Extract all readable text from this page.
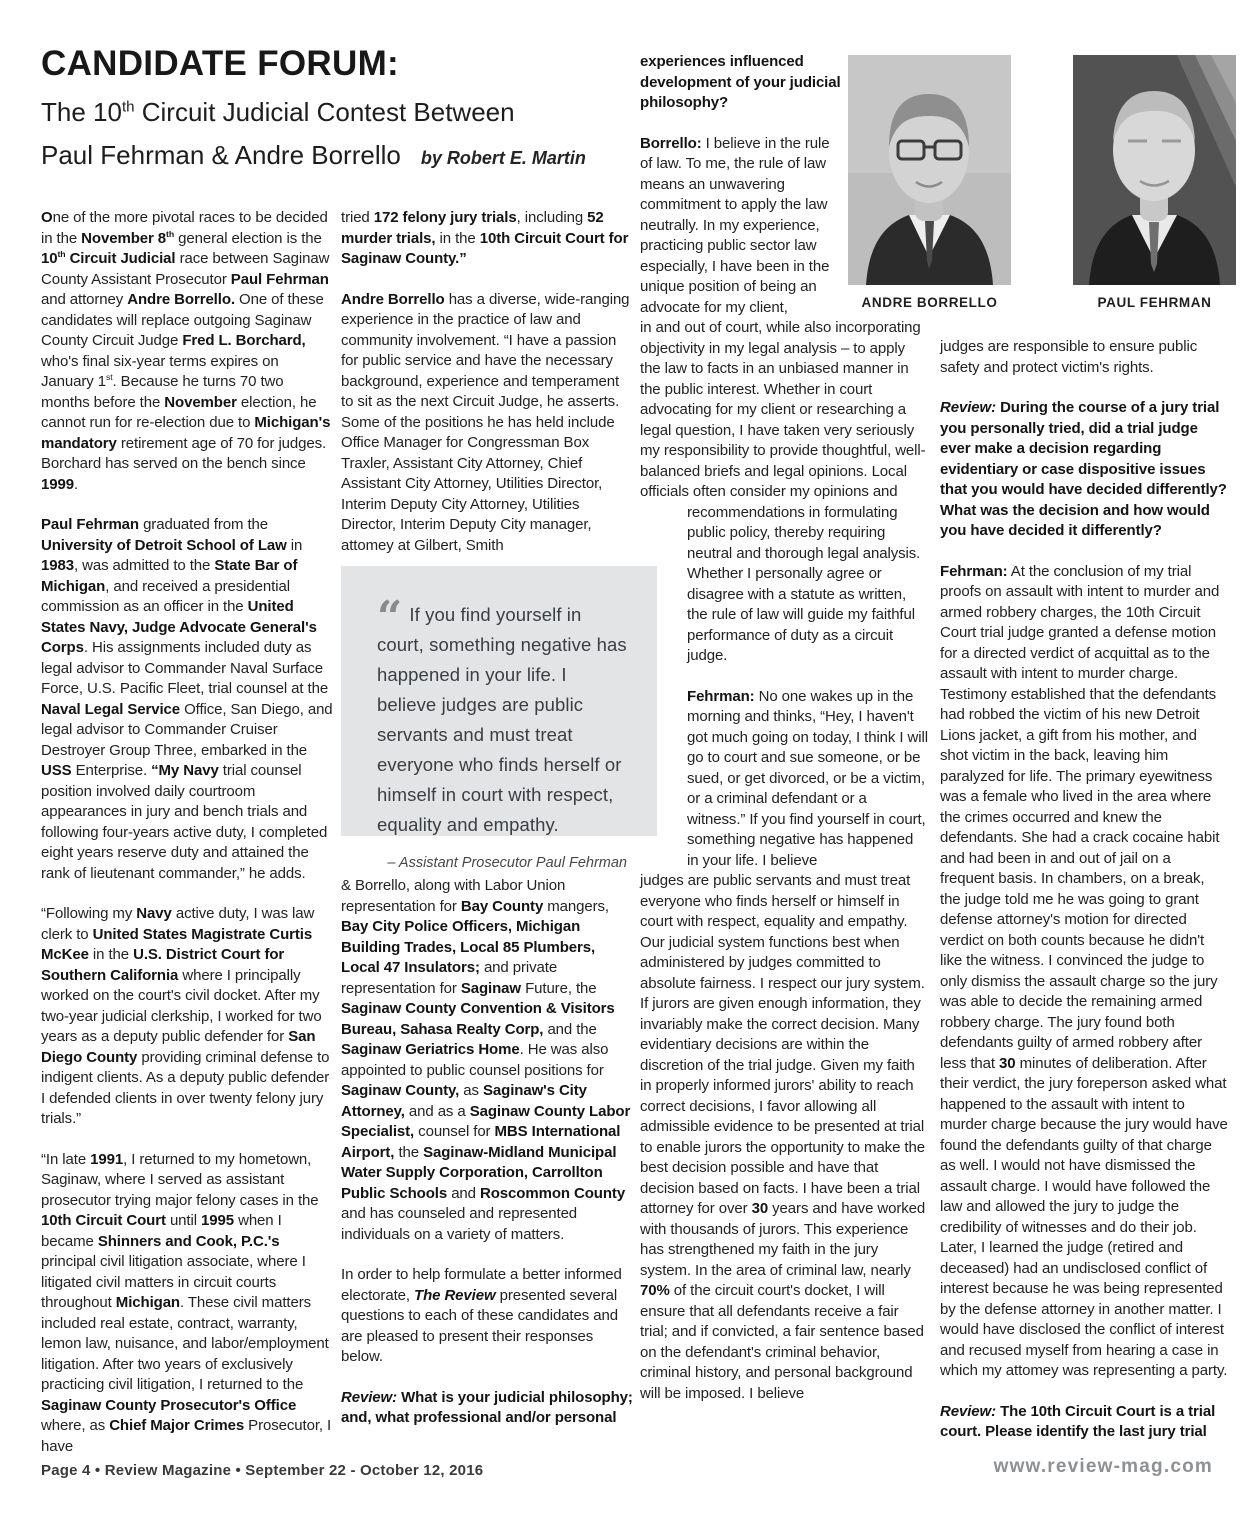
CANDIDATE FORUM:
The 10th Circuit Judicial Contest Between
Paul Fehrman & Andre Borrello by Robert E. Martin

One of the more pivotal races to be decided in the November 8th general election is the 10th Circuit Judicial race between Saginaw County Assistant Prosecutor Paul Fehrman and attorney Andre Borrello. One of these candidates will replace outgoing Saginaw County Circuit Judge Fred L. Borchard, who's final six-year terms expires on January 1st. Because he turns 70 two months before the November election, he cannot run for re-election due to Michigan's mandatory retirement age of 70 for judges. Borchard has served on the bench since 1999.

Paul Fehrman graduated from the University of Detroit School of Law in 1983, was admitted to the State Bar of Michigan, and received a presidential commission as an officer in the United States Navy, Judge Advocate General's Corps. His assignments included duty as legal advisor to Commander Naval Surface Force, U.S. Pacific Fleet, trial counsel at the Naval Legal Service Office, San Diego, and legal advisor to Commander Cruiser Destroyer Group Three, embarked in the USS Enterprise. “My Navy trial counsel position involved daily courtroom appearances in jury and bench trials and following four-years active duty, I completed eight years reserve duty and attained the rank of lieutenant commander,” he adds.

“Following my Navy active duty, I was law clerk to United States Magistrate Curtis McKee in the U.S. District Court for Southern California where I principally worked on the court's civil docket. After my two-year judicial clerkship, I worked for two years as a deputy public defender for San Diego County providing criminal defense to indigent clients. As a deputy public defender I defended clients in over twenty felony jury trials.”

“In late 1991, I returned to my hometown, Saginaw, where I served as assistant prosecutor trying major felony cases in the 10th Circuit Court until 1995 when I became Shinners and Cook, P.C.'s principal civil litigation associate, where I litigated civil matters in circuit courts throughout Michigan. These civil matters included real estate, contract, warranty, lemon law, nuisance, and labor/employment litigation. After two years of exclusively practicing civil litigation, I returned to the Saginaw County Prosecutor's Office where, as Chief Major Crimes Prosecutor, I have

tried 172 felony jury trials, including 52 murder trials, in the 10th Circuit Court for Saginaw County.”

Andre Borrello has a diverse, wide-ranging experience in the practice of law and community involvement. “I have a passion for public service and have the necessary background, experience and temperament to sit as the next Circuit Judge, he asserts. Some of the positions he has held include Office Manager for Congressman Box Traxler, Assistant City Attorney, Chief Assistant City Attorney, Utilities Director, Interim Deputy City Attorney, Utilities Director, Interim Deputy City manager, attomey at Gilbert, Smith

“ If you find yourself in court, something negative has happened in your life. I believe judges are public servants and must treat everyone who finds herself or himself in court with respect, equality and empathy.
– Assistant Prosecutor Paul Fehrman

& Borrello, along with Labor Union representation for Bay County mangers, Bay City Police Officers, Michigan Building Trades, Local 85 Plumbers, Local 47 Insulators; and private representation for Saginaw Future, the Saginaw County Convention & Visitors Bureau, Sahasa Realty Corp, and the Saginaw Geriatrics Home. He was also appointed to public counsel positions for Saginaw County, as Saginaw's City Attorney, and as a Saginaw County Labor Specialist, counsel for MBS International Airport, the Saginaw-Midland Municipal Water Supply Corporation, Carrollton Public Schools and Roscommon County and has counseled and represented individuals on a variety of matters.

In order to help formulate a better informed electorate, The Review presented several questions to each of these candidates and are pleased to present their responses below.

Review: What is your judicial philosophy; and, what professional and/or personal

experiences influenced development of your judicial philosophy?

Borrello: I believe in the rule of law. To me, the rule of law means an unwavering commitment to apply the law neutrally. In my experience, practicing public sector law especially, I have been in the unique position of being an advocate for my client,

in and out of court, while also incorporating objectivity in my legal analysis – to apply the law to facts in an unbiased manner in the public interest. Whether in court advocating for my client or researching a legal question, I have taken very seriously my responsibility to provide thoughtful, well-balanced briefs and legal opinions. Local officials often consider my opinions and

recommendations in formulating public policy, thereby requiring neutral and thorough legal analysis. Whether I personally agree or disagree with a statute as written, the rule of law will guide my faithful performance of duty as a circuit judge.

Fehrman: No one wakes up in the morning and thinks, “Hey, I haven't got much going on today, I think I will go to court and sue someone, or be sued, or get divorced, or be a victim, or a criminal defendant or a witness.” If you find yourself in court, something negative has happened in your life. I believe

judges are public servants and must treat everyone who finds herself or himself in court with respect, equality and empathy. Our judicial system functions best when administered by judges committed to absolute fairness. I respect our jury system. If jurors are given enough information, they invariably make the correct decision. Many evidentiary decisions are within the discretion of the trial judge. Given my faith in properly informed jurors' ability to reach correct decisions, I favor allowing all admissible evidence to be presented at trial to enable jurors the opportunity to make the best decision possible and have that decision based on facts. I have been a trial attorney for over 30 years and have worked with thousands of jurors. This experience has strengthened my faith in the jury system. In the area of criminal law, nearly 70% of the circuit court's docket, I will ensure that all defendants receive a fair trial; and if convicted, a fair sentence based on the defendant's criminal behavior, criminal history, and personal background will be imposed. I believe

ANDRE BORRELLO	PAUL FEHRMAN

judges are responsible to ensure public safety and protect victim's rights.

Review: During the course of a jury trial you personally tried, did a trial judge ever make a decision regarding evidentiary or case dispositive issues that you would have decided differently? What was the decision and how would you have decided it differently?

Fehrman: At the conclusion of my trial proofs on assault with intent to murder and armed robbery charges, the 10th Circuit Court trial judge granted a defense motion for a directed verdict of acquittal as to the assault with intent to murder charge. Testimony established that the defendants had robbed the victim of his new Detroit Lions jacket, a gift from his mother, and shot victim in the back, leaving him paralyzed for life. The primary eyewitness was a female who lived in the area where the crimes occurred and knew the defendants. She had a crack cocaine habit and had been in and out of jail on a frequent basis. In chambers, on a break, the judge told me he was going to grant defense attorney's motion for directed verdict on both counts because he didn't like the witness. I convinced the judge to only dismiss the assault charge so the jury was able to decide the remaining armed robbery charge. The jury found both defendants guilty of armed robbery after less that 30 minutes of deliberation. After their verdict, the jury foreperson asked what happened to the assault with intent to murder charge because the jury would have found the defendants guilty of that charge as well. I would not have dismissed the assault charge. I would have followed the law and allowed the jury to judge the credibility of witnesses and do their job. Later, I learned the judge (retired and deceased) had an undisclosed conflict of interest because he was being represented by the defense attorney in another matter. I would have disclosed the conflict of interest and recused myself from hearing a case in which my attomey was representing a party.

Review: The 10th Circuit Court is a trial court. Please identify the last jury trial

Page 4 • Review Magazine • September 22 - October 12, 2016	www.review-mag.com
